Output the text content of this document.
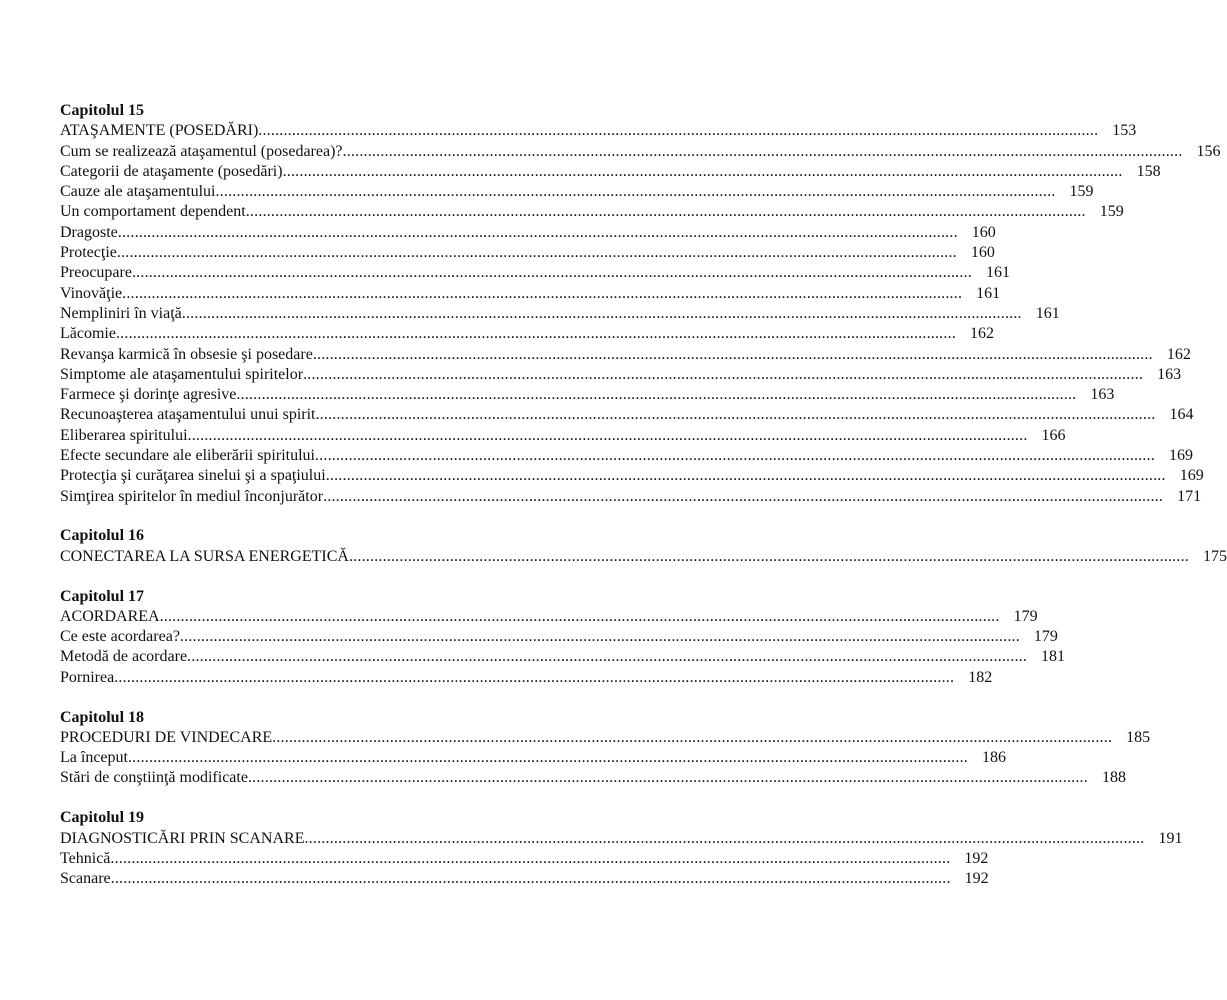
Capitolul 15
ATAŞAMENTE (POSEDĂRI)........................................................................................................................................................................................................ 153
Cum se realizează ataşamentul (posedarea)?........................................................................................................................................................................................................ 156
Categorii de ataşamente (posedări)........................................................................................................................................................................................................ 158
Cauze ale ataşamentului........................................................................................................................................................................................................ 159
Un comportament dependent........................................................................................................................................................................................................ 159
Dragoste........................................................................................................................................................................................................ 160
Protecţie........................................................................................................................................................................................................ 160
Preocupare........................................................................................................................................................................................................ 161
Vinovăţie........................................................................................................................................................................................................ 161
Nempliniri în viaţă........................................................................................................................................................................................................ 161
Lăcomie........................................................................................................................................................................................................ 162
Revanşa karmică în obsesie şi posedare........................................................................................................................................................................................................ 162
Simptome ale ataşamentului spiritelor........................................................................................................................................................................................................ 163
Farmece şi dorinţe agresive........................................................................................................................................................................................................ 163
Recunoaşterea ataşamentului unui spirit........................................................................................................................................................................................................ 164
Eliberarea spiritului........................................................................................................................................................................................................ 166
Efecte secundare ale eliberării spiritului........................................................................................................................................................................................................ 169
Protecţia şi curăţarea sinelui şi a spaţiului........................................................................................................................................................................................................ 169
Simţirea spiritelor în mediul înconjurător........................................................................................................................................................................................................ 171
Capitolul 16
CONECTAREA LA SURSA ENERGETICĂ........................................................................................................................................................................................................ 175
Capitolul 17
ACORDAREA........................................................................................................................................................................................................ 179
Ce este acordarea?........................................................................................................................................................................................................ 179
Metodă de acordare........................................................................................................................................................................................................ 181
Pornirea........................................................................................................................................................................................................ 182
Capitolul 18
PROCEDURI DE VINDECARE........................................................................................................................................................................................................ 185
La început........................................................................................................................................................................................................ 186
Stări de conştiinţă modificate........................................................................................................................................................................................................ 188
Capitolul 19
DIAGNOSTICĂRI PRIN SCANARE........................................................................................................................................................................................................ 191
Tehnică........................................................................................................................................................................................................ 192
Scanare........................................................................................................................................................................................................ 192
